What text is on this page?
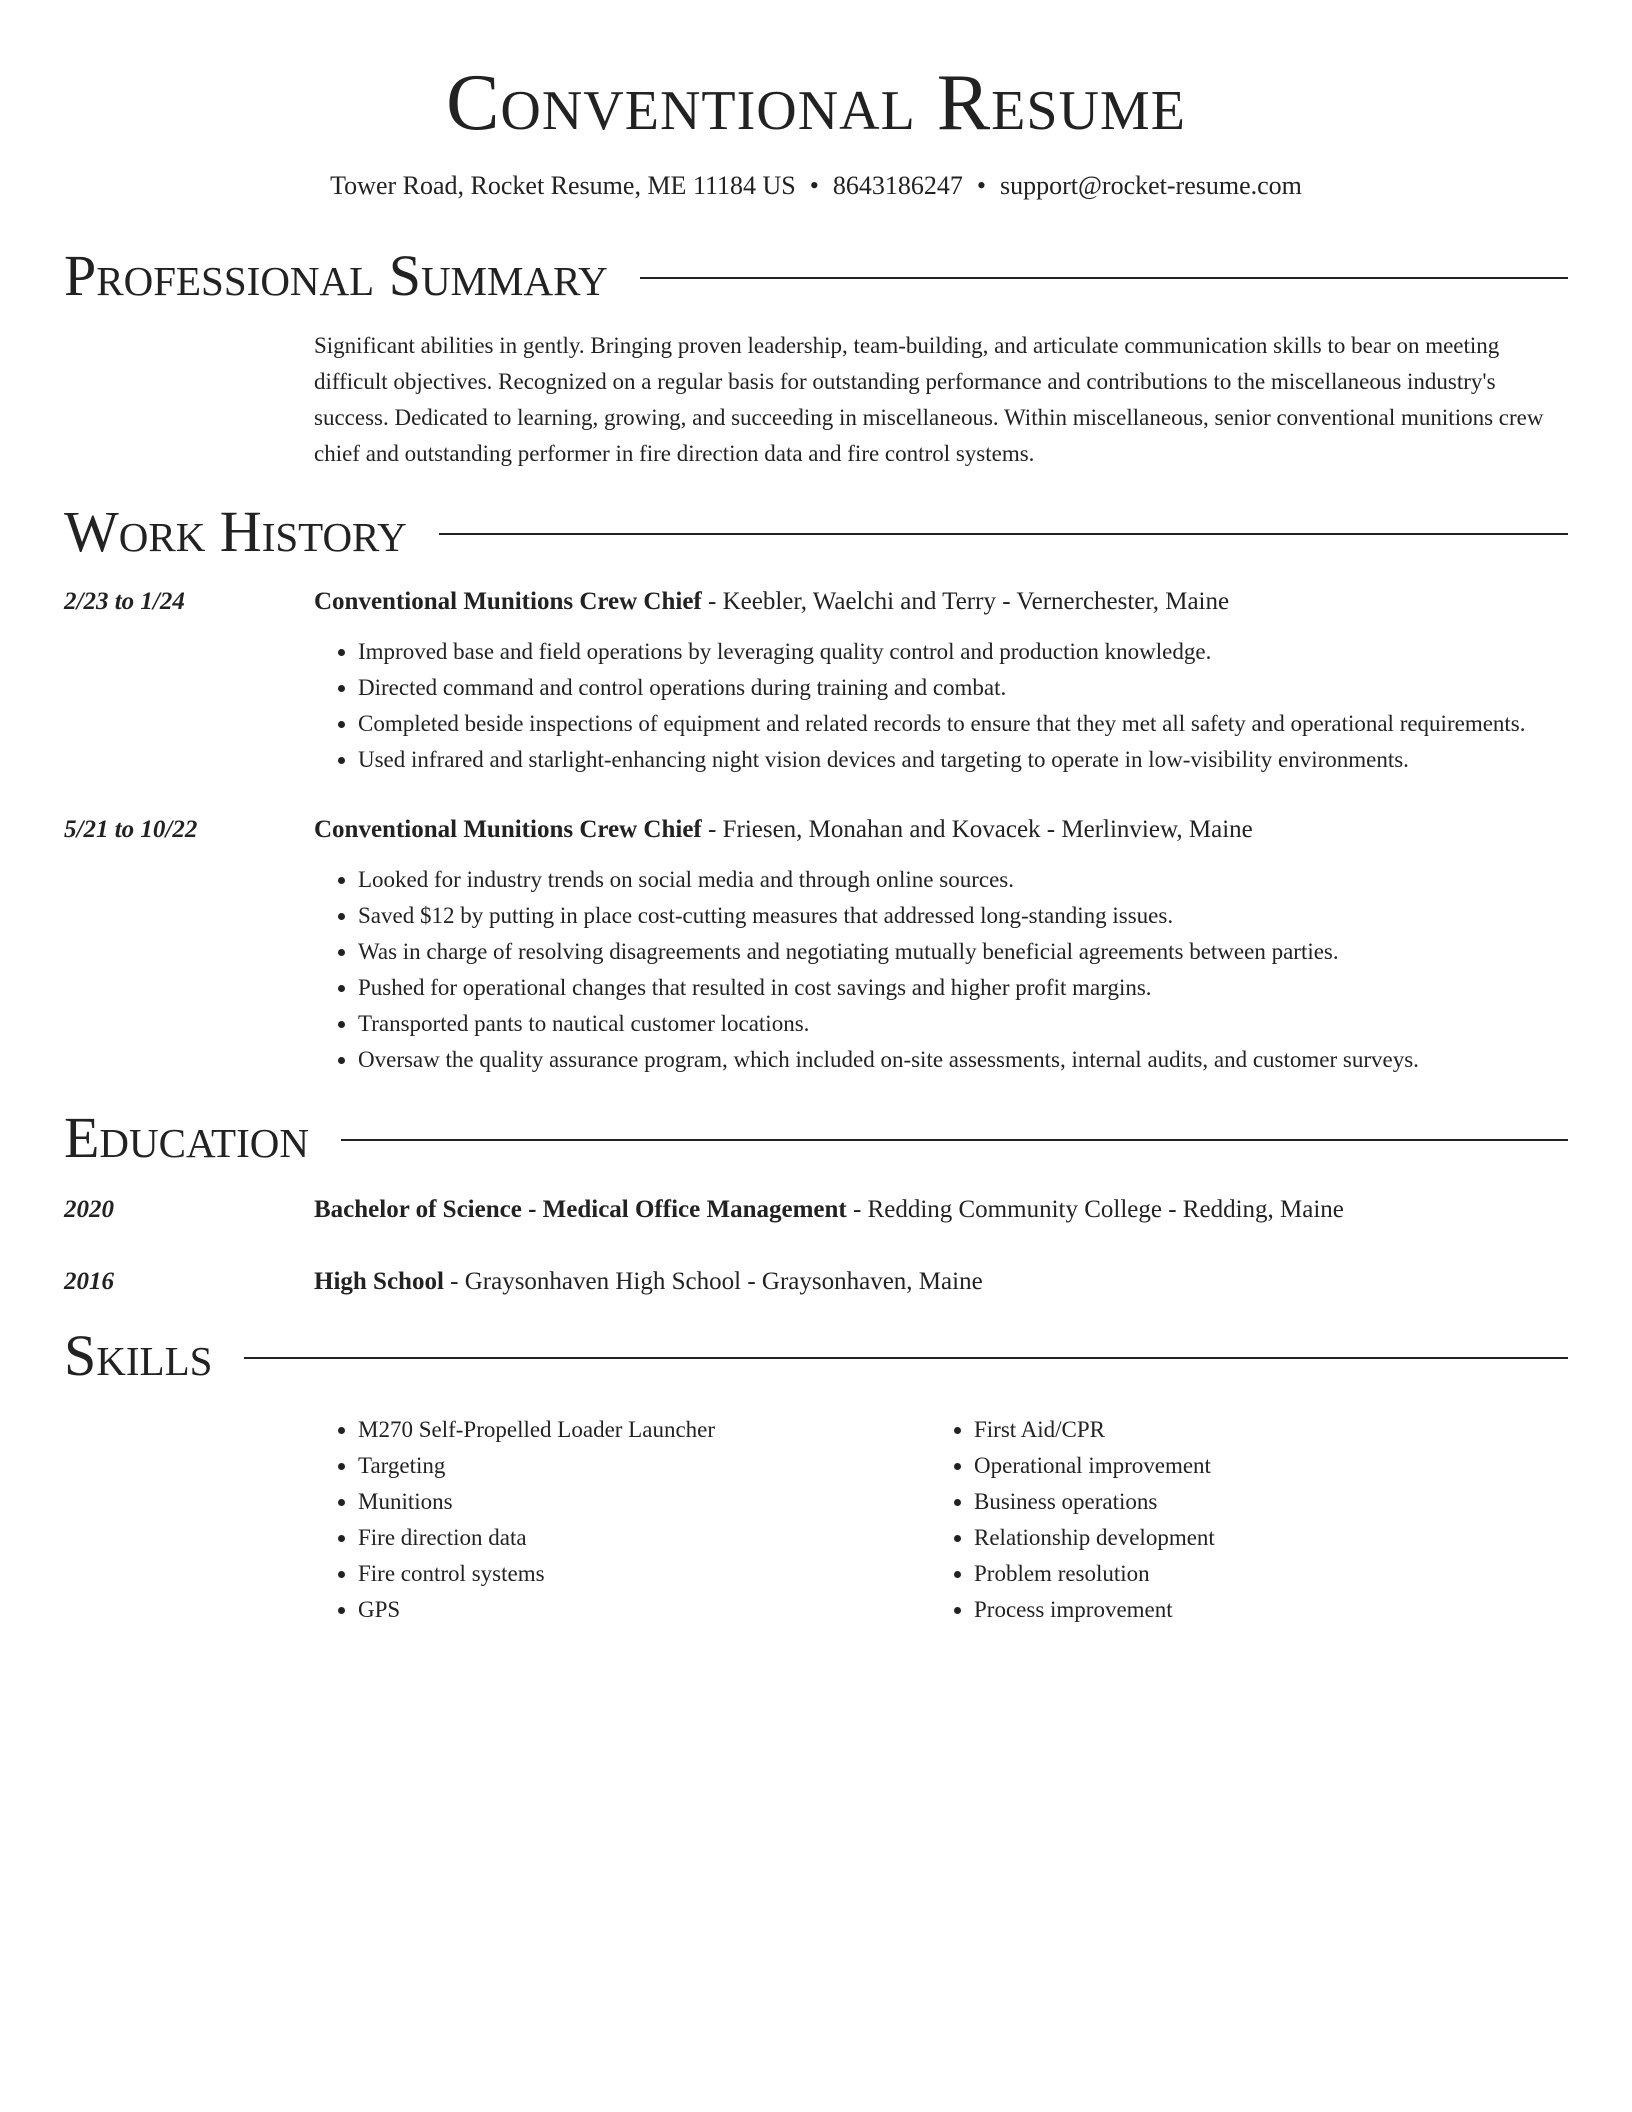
Conventional Resume
Tower Road, Rocket Resume, ME 11184 US • 8643186247 • support@rocket-resume.com
Professional Summary
Significant abilities in gently. Bringing proven leadership, team-building, and articulate communication skills to bear on meeting difficult objectives. Recognized on a regular basis for outstanding performance and contributions to the miscellaneous industry's success. Dedicated to learning, growing, and succeeding in miscellaneous. Within miscellaneous, senior conventional munitions crew chief and outstanding performer in fire direction data and fire control systems.
Work History
2/23 to 1/24	Conventional Munitions Crew Chief - Keebler, Waelchi and Terry - Vernerchester, Maine
• Improved base and field operations by leveraging quality control and production knowledge.
• Directed command and control operations during training and combat.
• Completed beside inspections of equipment and related records to ensure that they met all safety and operational requirements.
• Used infrared and starlight-enhancing night vision devices and targeting to operate in low-visibility environments.
5/21 to 10/22	Conventional Munitions Crew Chief - Friesen, Monahan and Kovacek - Merlinview, Maine
• Looked for industry trends on social media and through online sources.
• Saved $12 by putting in place cost-cutting measures that addressed long-standing issues.
• Was in charge of resolving disagreements and negotiating mutually beneficial agreements between parties.
• Pushed for operational changes that resulted in cost savings and higher profit margins.
• Transported pants to nautical customer locations.
• Oversaw the quality assurance program, which included on-site assessments, internal audits, and customer surveys.
Education
2020	Bachelor of Science - Medical Office Management - Redding Community College - Redding, Maine
2016	High School - Graysonhaven High School - Graysonhaven, Maine
Skills
• M270 Self-Propelled Loader Launcher
• Targeting
• Munitions
• Fire direction data
• Fire control systems
• GPS
• First Aid/CPR
• Operational improvement
• Business operations
• Relationship development
• Problem resolution
• Process improvement
